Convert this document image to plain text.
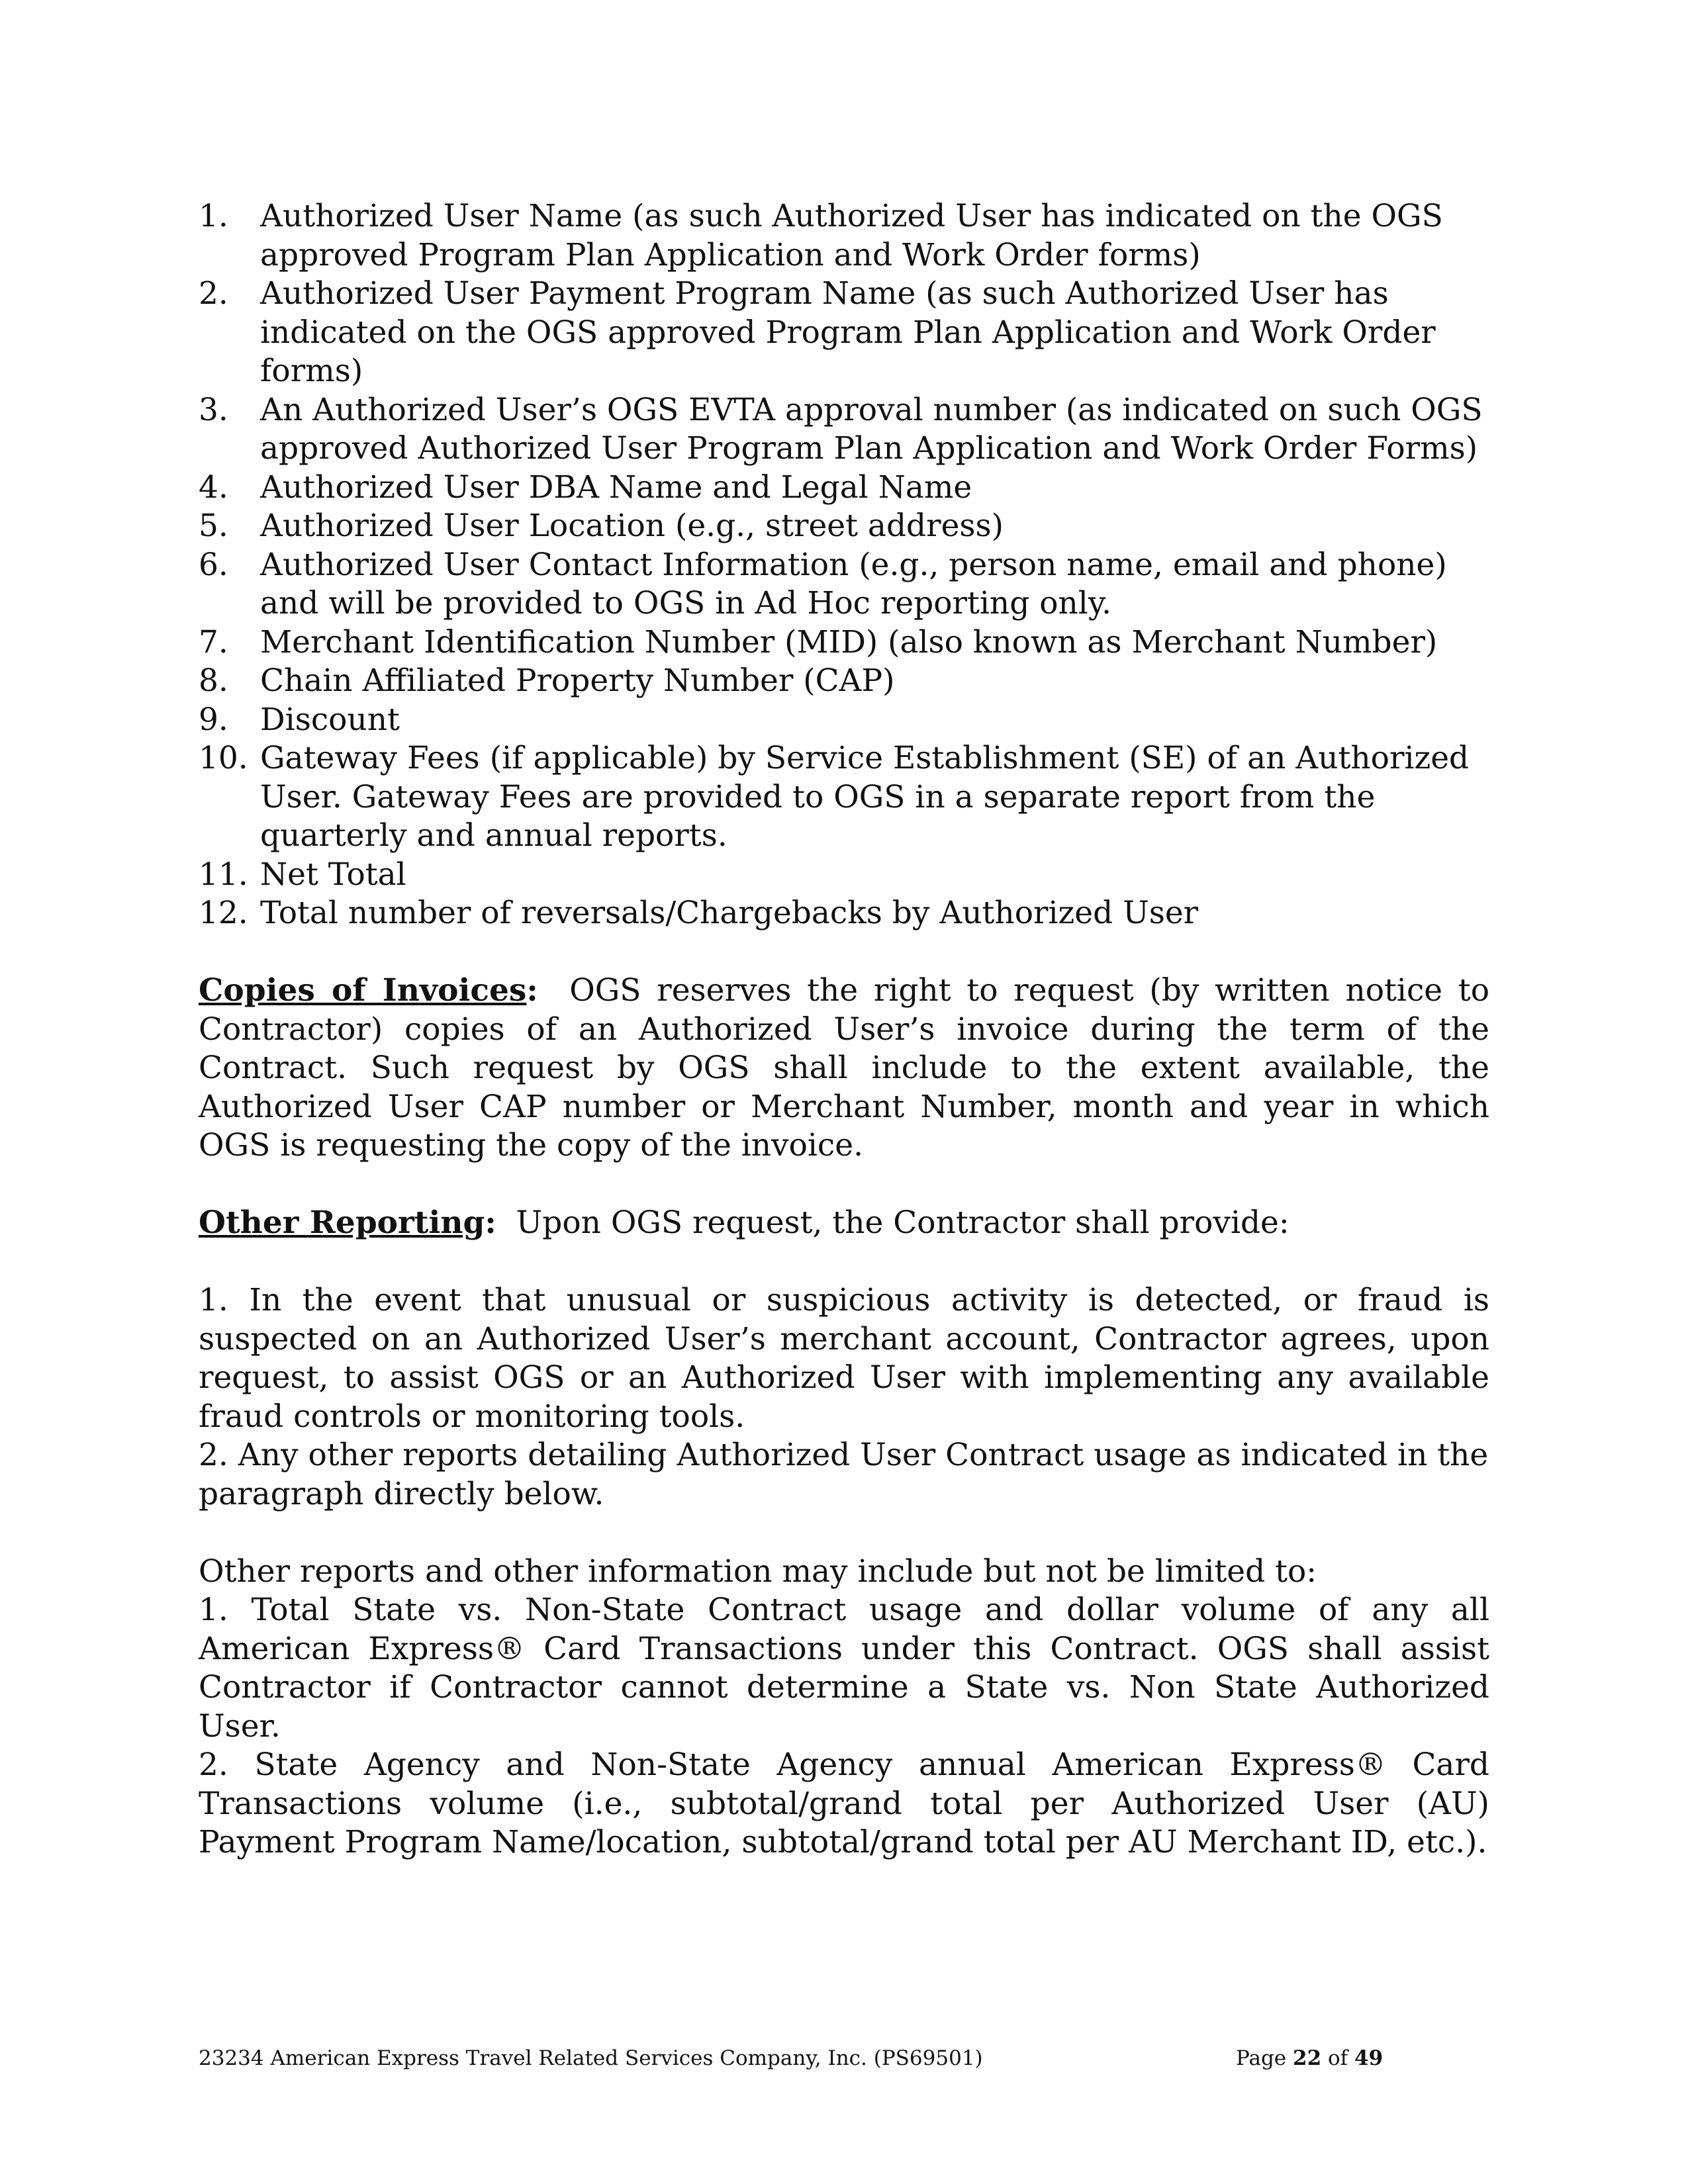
1.	Authorized User Name (as such Authorized User has indicated on the OGS approved Program Plan Application and Work Order forms)
2.	Authorized User Payment Program Name (as such Authorized User has indicated on the OGS approved Program Plan Application and Work Order forms)
3.	An Authorized User’s OGS EVTA approval number (as indicated on such OGS approved Authorized User Program Plan Application and Work Order Forms)
4.	Authorized User DBA Name and Legal Name
5.	Authorized User Location (e.g., street address)
6.	Authorized User Contact Information (e.g., person name, email and phone) and will be provided to OGS in Ad Hoc reporting only.
7.	Merchant Identification Number (MID) (also known as Merchant Number)
8.	Chain Affiliated Property Number (CAP)
9.	Discount
10. Gateway Fees (if applicable) by Service Establishment (SE) of an Authorized User. Gateway Fees are provided to OGS in a separate report from the quarterly and annual reports.
11. Net Total
12. Total number of reversals/Chargebacks by Authorized User

Copies of Invoices: OGS reserves the right to request (by written notice to Contractor) copies of an Authorized User’s invoice during the term of the Contract. Such request by OGS shall include to the extent available, the Authorized User CAP number or Merchant Number, month and year in which OGS is requesting the copy of the invoice.

Other Reporting: Upon OGS request, the Contractor shall provide:

1. In the event that unusual or suspicious activity is detected, or fraud is suspected on an Authorized User’s merchant account, Contractor agrees, upon request, to assist OGS or an Authorized User with implementing any available fraud controls or monitoring tools.

2. Any other reports detailing Authorized User Contract usage as indicated in the paragraph directly below.

Other reports and other information may include but not be limited to:

1. Total State vs. Non-State Contract usage and dollar volume of any all American Express® Card Transactions under this Contract. OGS shall assist Contractor if Contractor cannot determine a State vs. Non State Authorized User.

2. State Agency and Non-State Agency annual American Express® Card Transactions volume (i.e., subtotal/grand total per Authorized User (AU) Payment Program Name/location, subtotal/grand total per AU Merchant ID, etc.).

23234 American Express Travel Related Services Company, Inc. (PS69501)	Page 22 of 49
